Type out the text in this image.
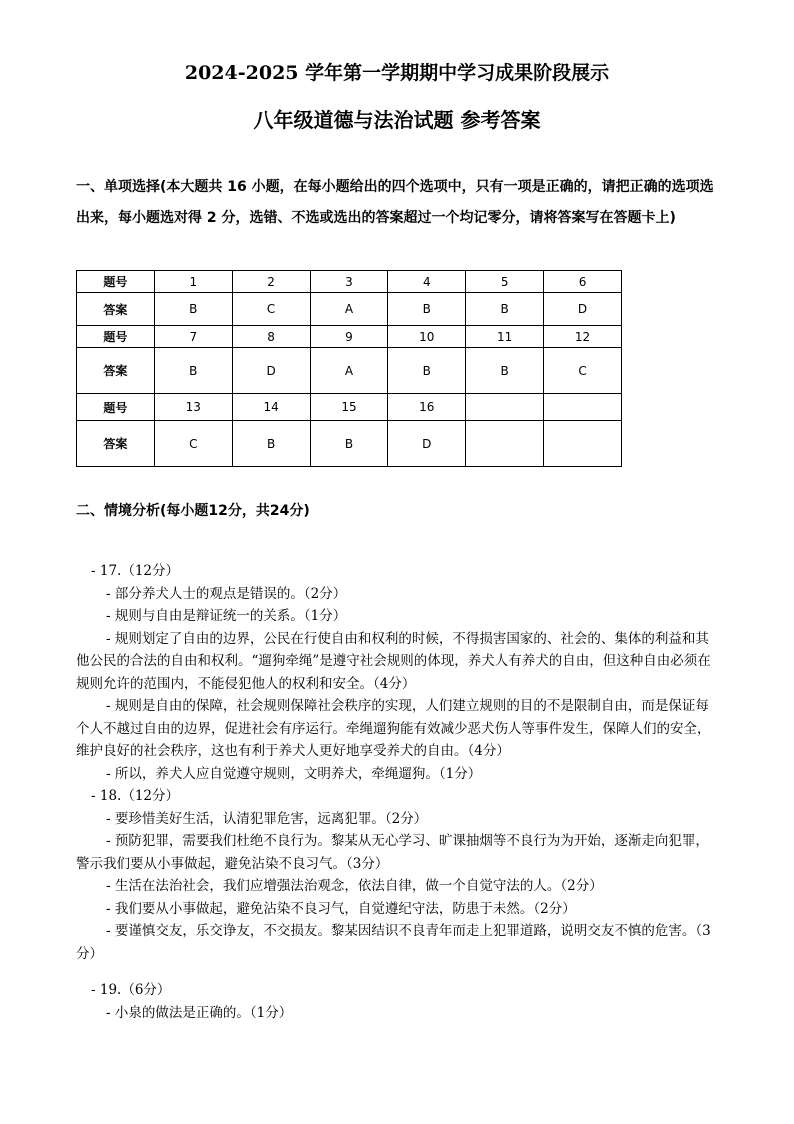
2024-2025 学年第一学期期中学习成果阶段展示
八年级道德与法治试题 参考答案
一、单项选择(本大题共 16 小题，在每小题给出的四个选项中，只有一项是正确的，请把正确的选项选出来，每小题选对得 2 分，选错、不选或选出的答案超过一个均记零分，请将答案写在答题卡上)
题号	1	2	3	4	5	6
答案	B	C	A	B	B	D
题号	7	8	9	10	11	12
答案	B	D	A	B	B	C
题号	13	14	15	16		
答案	C	B	B	D		
二、情境分析(每小题12分，共24分)
- 17.（12分）

- 部分养犬人士的观点是错误的。（2分）

- 规则与自由是辩证统一的关系。（1分）

- 规则划定了自由的边界，公民在行使自由和权利的时候，不得损害国家的、社会的、集体的利益和其他公民的合法的自由和权利。“遛狗牵绳”是遵守社会规则的体现，养犬人有养犬的自由，但这种自由必须在规则允许的范围内，不能侵犯他人的权利和安全。（4分）

- 规则是自由的保障，社会规则保障社会秩序的实现，人们建立规则的目的不是限制自由，而是保证每个人不越过自由的边界，促进社会有序运行。牵绳遛狗能有效减少恶犬伤人等事件发生，保障人们的安全，维护良好的社会秩序，这也有利于养犬人更好地享受养犬的自由。（4分）

- 所以，养犬人应自觉遵守规则，文明养犬，牵绳遛狗。（1分）

- 18.（12分）

- 要珍惜美好生活，认清犯罪危害，远离犯罪。（2分）

- 预防犯罪，需要我们杜绝不良行为。黎某从无心学习、旷课抽烟等不良行为为开始，逐渐走向犯罪，警示我们要从小事做起，避免沾染不良习气。（3分）

- 生活在法治社会，我们应增强法治观念，依法自律，做一个自觉守法的人。（2分）

- 我们要从小事做起，避免沾染不良习气，自觉遵纪守法，防患于未然。（2分）

- 要谨慎交友，乐交诤友，不交损友。黎某因结识不良青年而走上犯罪道路，说明交友不慎的危害。（3分）

- 19.（6分）

- 小泉的做法是正确的。（1分）
